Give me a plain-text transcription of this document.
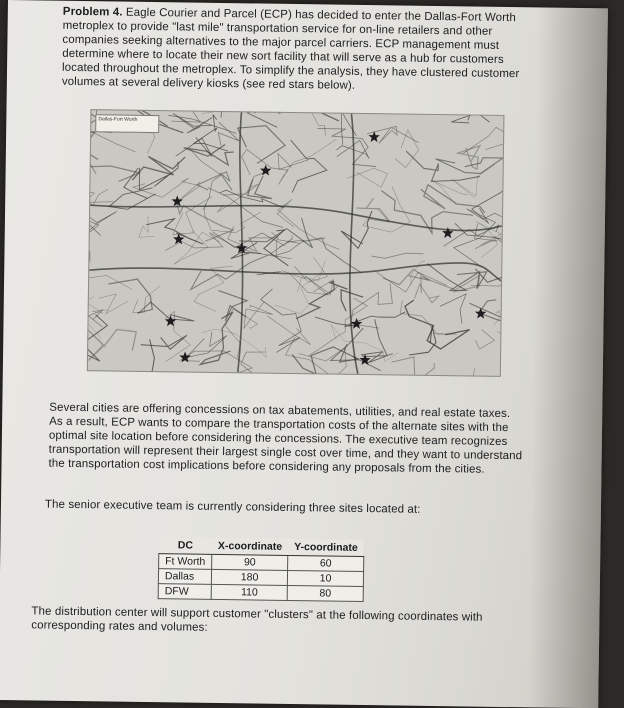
Problem 4. Eagle Courier and Parcel (ECP) has decided to enter the Dallas-Fort Worth metroplex to provide "last mile" transportation service for on-line retailers and other companies seeking alternatives to the major parcel carriers. ECP management must determine where to locate their new sort facility that will serve as a hub for customers located throughout the metroplex. To simplify the analysis, they have clustered customer volumes at several delivery kiosks (see red stars below).

Dallas-Fort Worth

Several cities are offering concessions on tax abatements, utilities, and real estate taxes. As a result, ECP wants to compare the transportation costs of the alternate sites with the optimal site location before considering the concessions. The executive team recognizes transportation will represent their largest single cost over time, and they want to understand the transportation cost implications before considering any proposals from the cities.

The senior executive team is currently considering three sites located at:

DC	X-coordinate	Y-coordinate
Ft Worth	90	60
Dallas	180	10
DFW	110	80

The distribution center will support customer "clusters" at the following coordinates with corresponding rates and volumes:
